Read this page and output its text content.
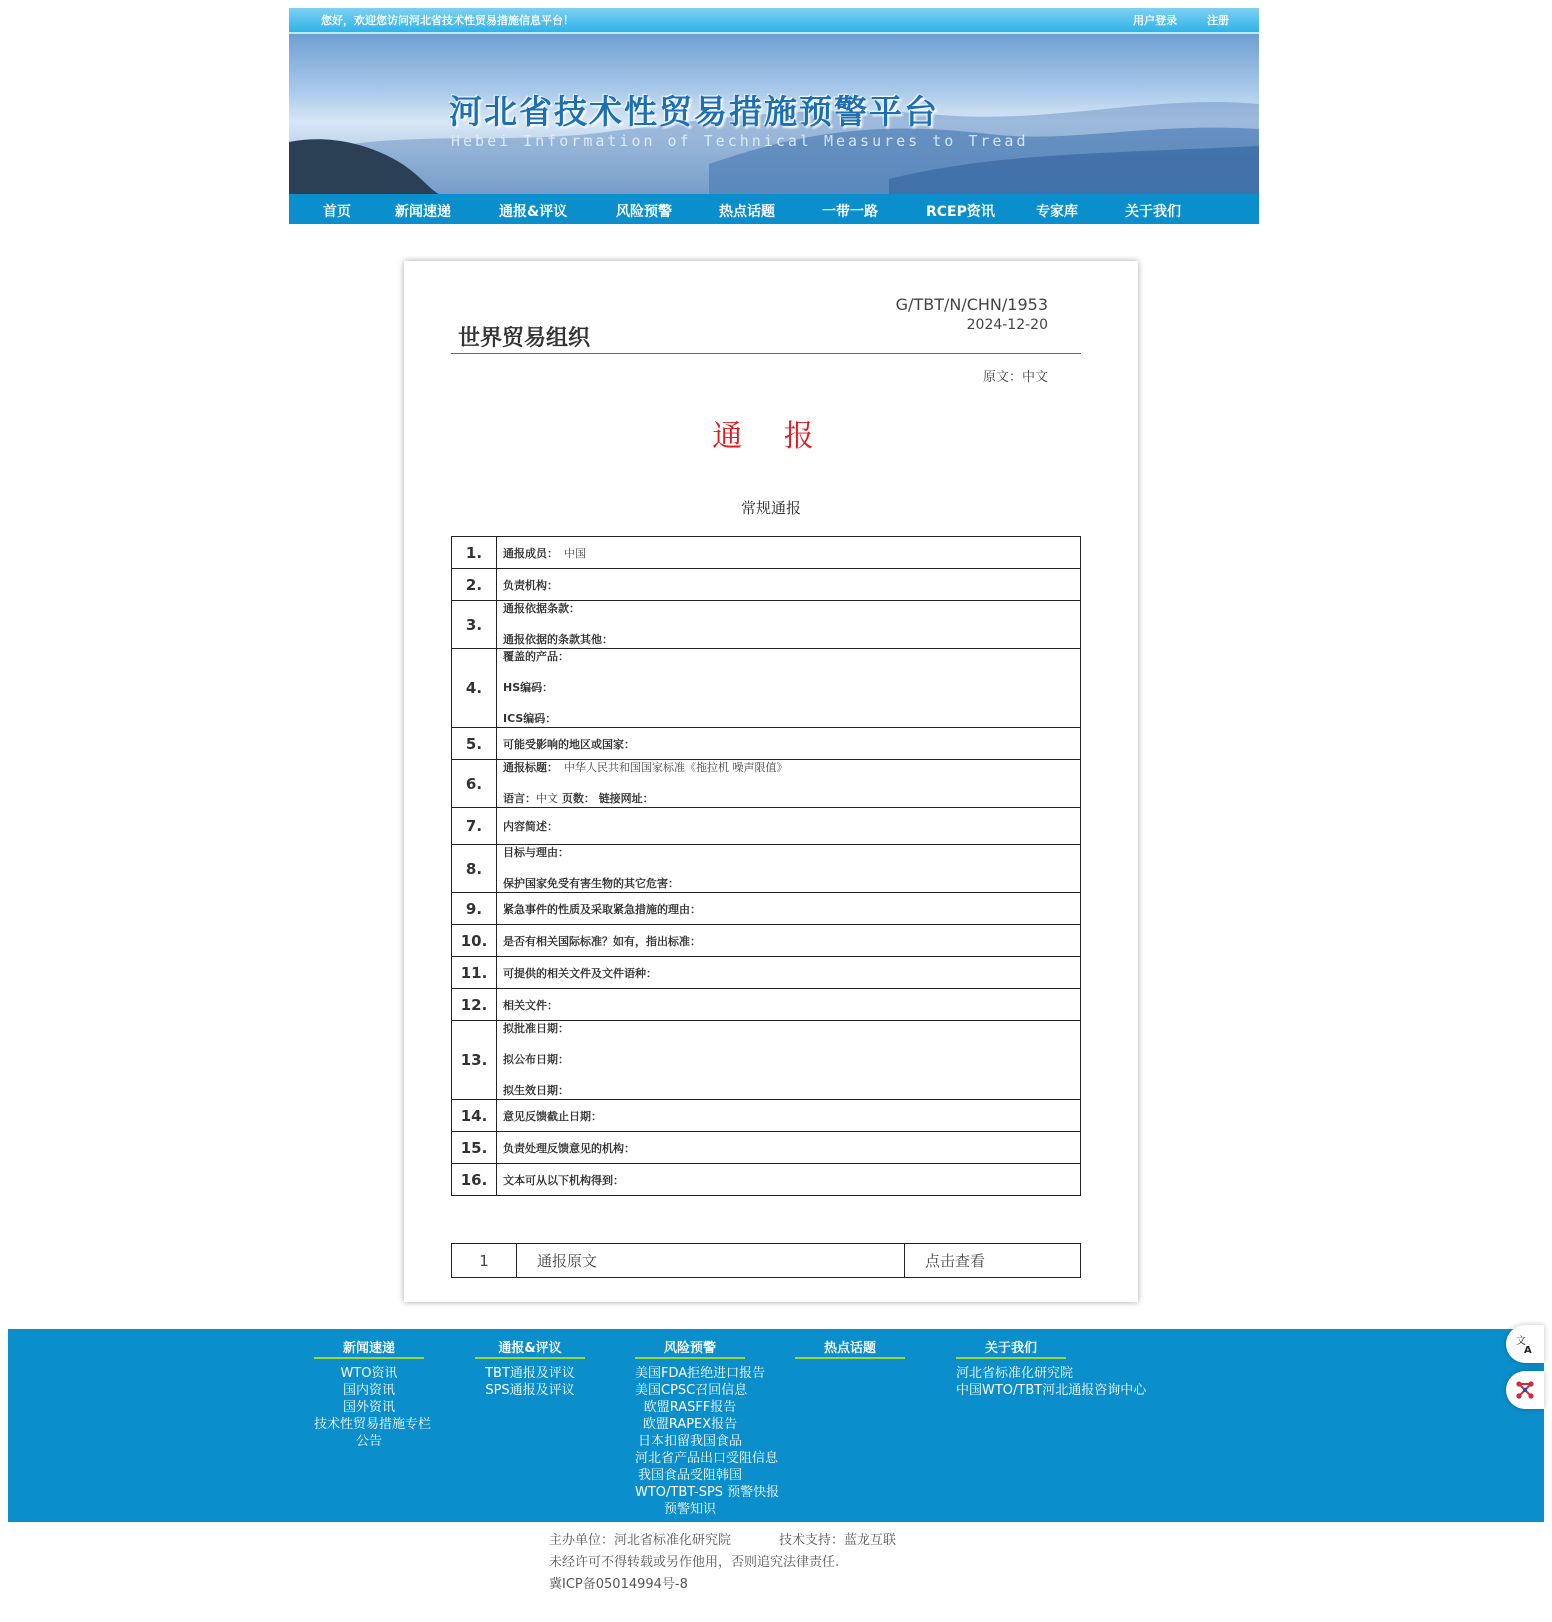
您好，欢迎您访问河北省技术性贸易措施信息平台！	用户登录	注册
河北省技术性贸易措施预警平台
Hebei Information of Technical Measures to Tread
首页	新闻速递	通报&评议	风险预警	热点话题	一带一路	RCEP资讯	专家库	关于我们
G/TBT/N/CHN/1953
2024-12-20
世界贸易组织
原文：中文
通 报
常规通报
1.	通报成员： 中国
2.	负责机构：
3.	通报依据条款：
通报依据的条款其他：

4.	覆盖的产品：
HS编码：
ICS编码：

5.	可能受影响的地区或国家：
6.	通报标题： 中华人民共和国国家标准《拖拉机 噪声限值》
语言：中文 页数： 链接网址：

7.	内容简述：
8.	目标与理由：
保护国家免受有害生物的其它危害：

9.	紧急事件的性质及采取紧急措施的理由：
10.	是否有相关国际标准？如有，指出标准：
11.	可提供的相关文件及文件语种：
12.	相关文件：
13.	拟批准日期：
拟公布日期：
拟生效日期：

14.	意见反馈截止日期：
15.	负责处理反馈意见的机构：
16.	文本可从以下机构得到：
1	通报原文	点击查看
新闻速递
WTO资讯
国内资讯
国外资讯
技术性贸易措施专栏
公告
通报&评议
TBT通报及评议
SPS通报及评议
风险预警
美国FDA拒绝进口报告
美国CPSC召回信息
欧盟RASFF报告
欧盟RAPEX报告
日本扣留我国食品
河北省产品出口受阻信息
我国食品受阻韩国
WTO/TBT-SPS 预警快报
预警知识
热点话题	关于我们
河北省标准化研究院
中国WTO/TBT河北通报咨询中心
主办单位：河北省标准化研究院	技术支持：蓝龙互联
未经许可不得转载或另作他用，否则追究法律责任.
冀ICP备05014994号-8
文
A
